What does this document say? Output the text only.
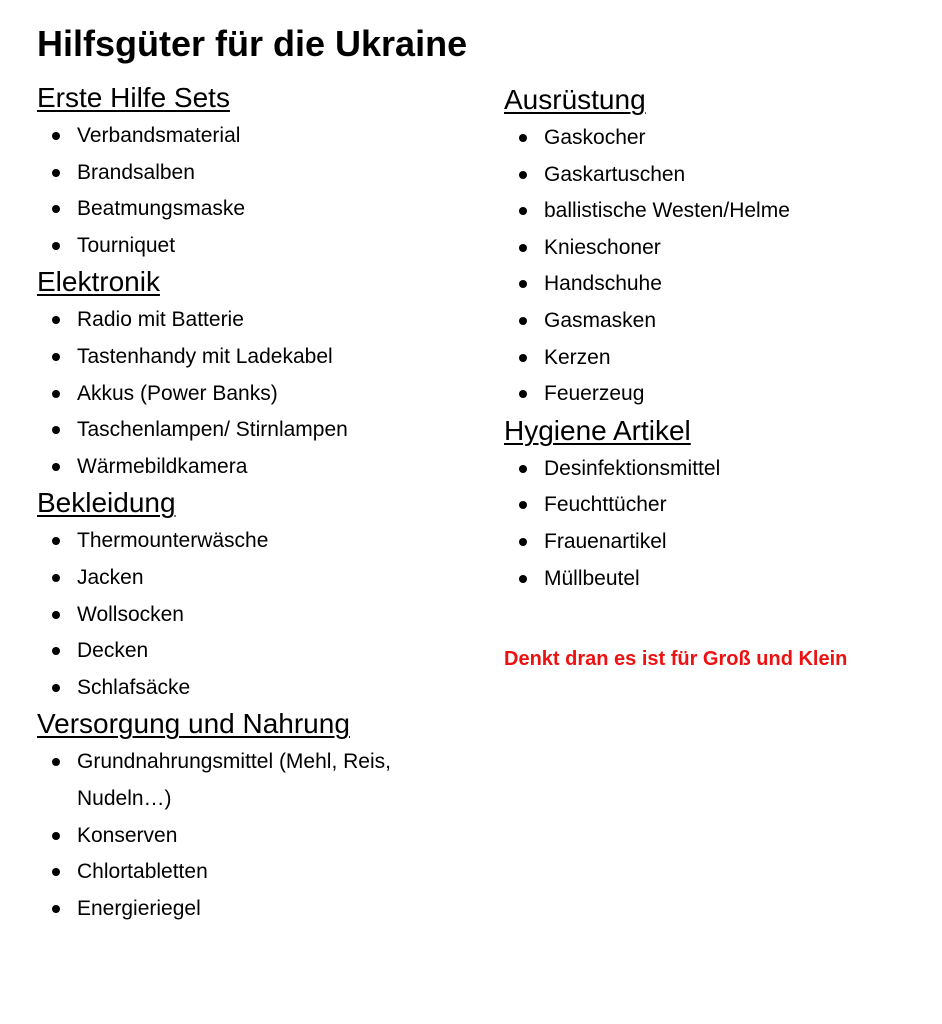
Hilfsgüter für die Ukraine
Erste Hilfe Sets
Verbandsmaterial
Brandsalben
Beatmungsmaske
Tourniquet
Elektronik
Radio mit Batterie
Tastenhandy mit Ladekabel
Akkus (Power Banks)
Taschenlampen/ Stirnlampen
Wärmebildkamera
Bekleidung
Thermounterwäsche
Jacken
Wollsocken
Decken
Schlafsäcke
Versorgung und Nahrung
Grundnahrungsmittel (Mehl, Reis, Nudeln…)
Konserven
Chlortabletten
Energieriegel
Ausrüstung
Gaskocher
Gaskartuschen
ballistische Westen/Helme
Knieschoner
Handschuhe
Gasmasken
Kerzen
Feuerzeug
Hygiene Artikel
Desinfektionsmittel
Feuchttücher
Frauenartikel
Müllbeutel

Denkt dran es ist für Groß und Klein
